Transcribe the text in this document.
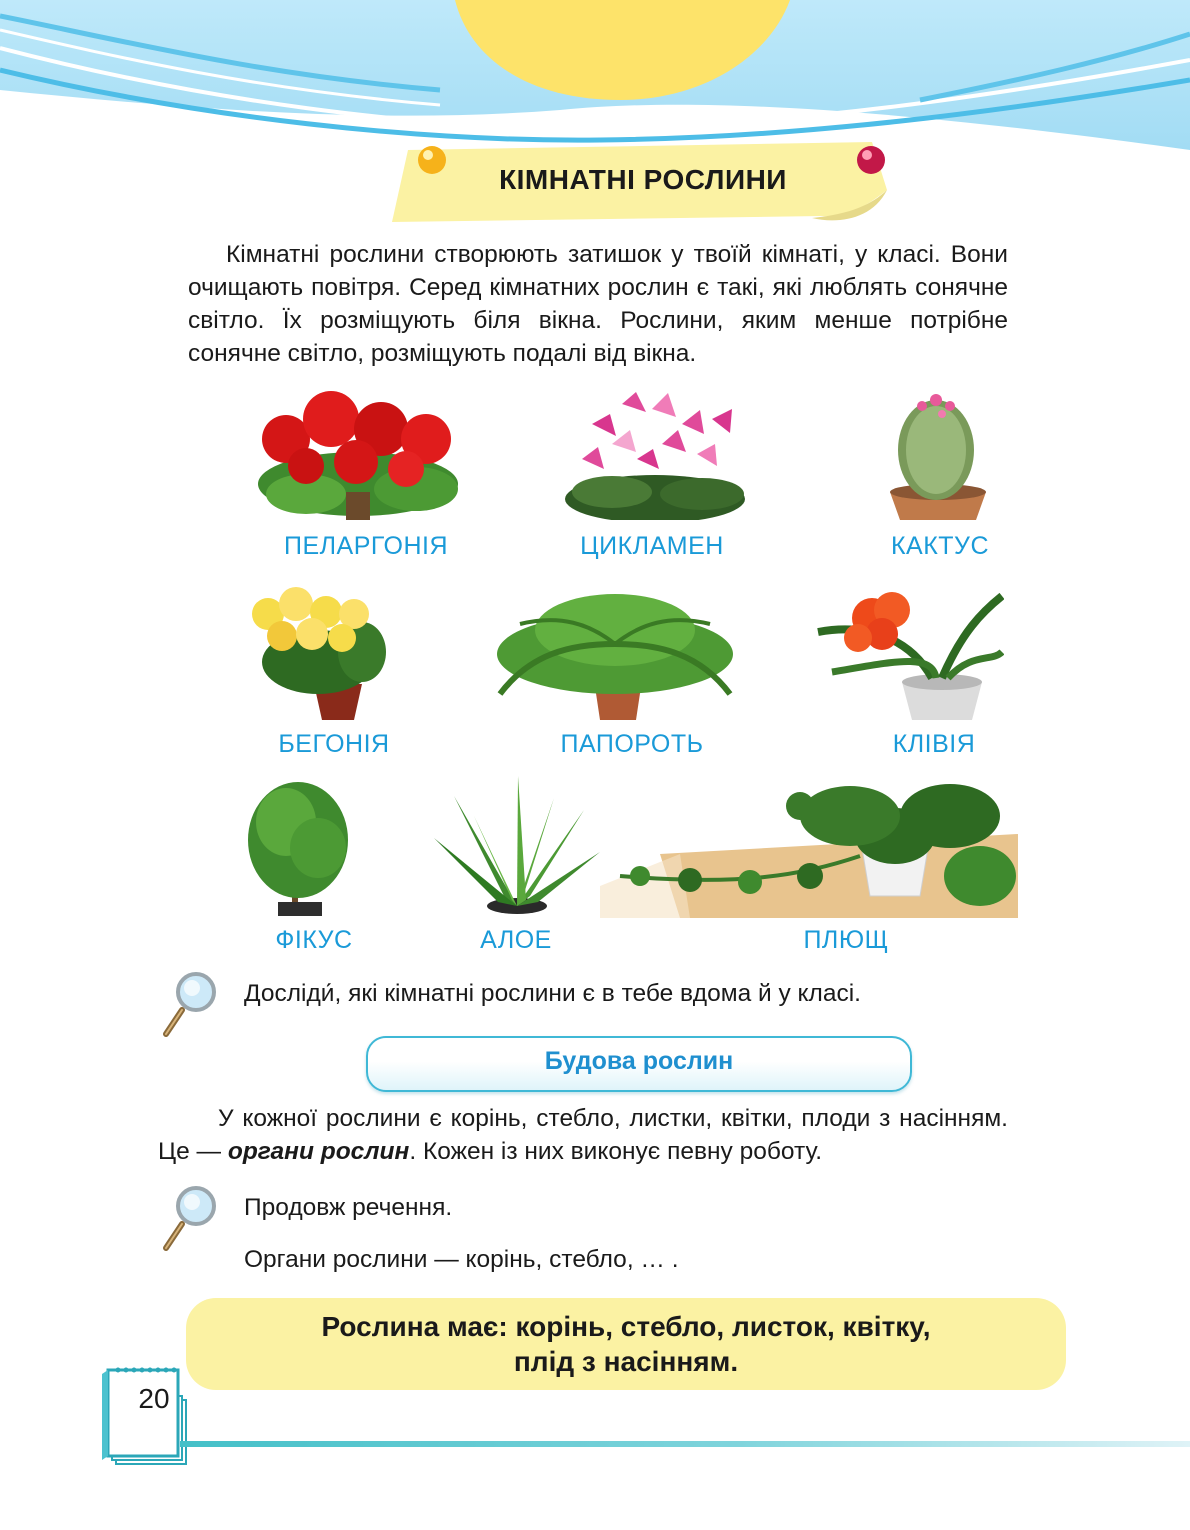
КІМНАТНІ РОСЛИНИ
Кімнатні рослини створюють затишок у твоїй кімнаті, у класі. Вони очищають повітря. Серед кімнатних рослин є такі, які люблять сонячне світло. Їх розміщують біля вікна. Рослини, яким менше потрібне сонячне світло, розміщують подалі від вікна.
ПЕЛАРГОНІЯ	ЦИКЛАМЕН	КАКТУС
БЕГОНІЯ	ПАПОРОТЬ	КЛІВІЯ
ФІКУС	АЛОЕ	ПЛЮЩ
Досліди́, які кімнатні рослини є в тебе вдома й у класі.
Будова рослин
У кожної рослини є корінь, стебло, листки, квітки, плоди з насінням. Це — органи рослин. Кожен із них виконує певну роботу.
Продовж речення.
Органи рослини — корінь, стебло, … .
Рослина має: корінь, стебло, листок, квітку,
плід з насінням.
20
